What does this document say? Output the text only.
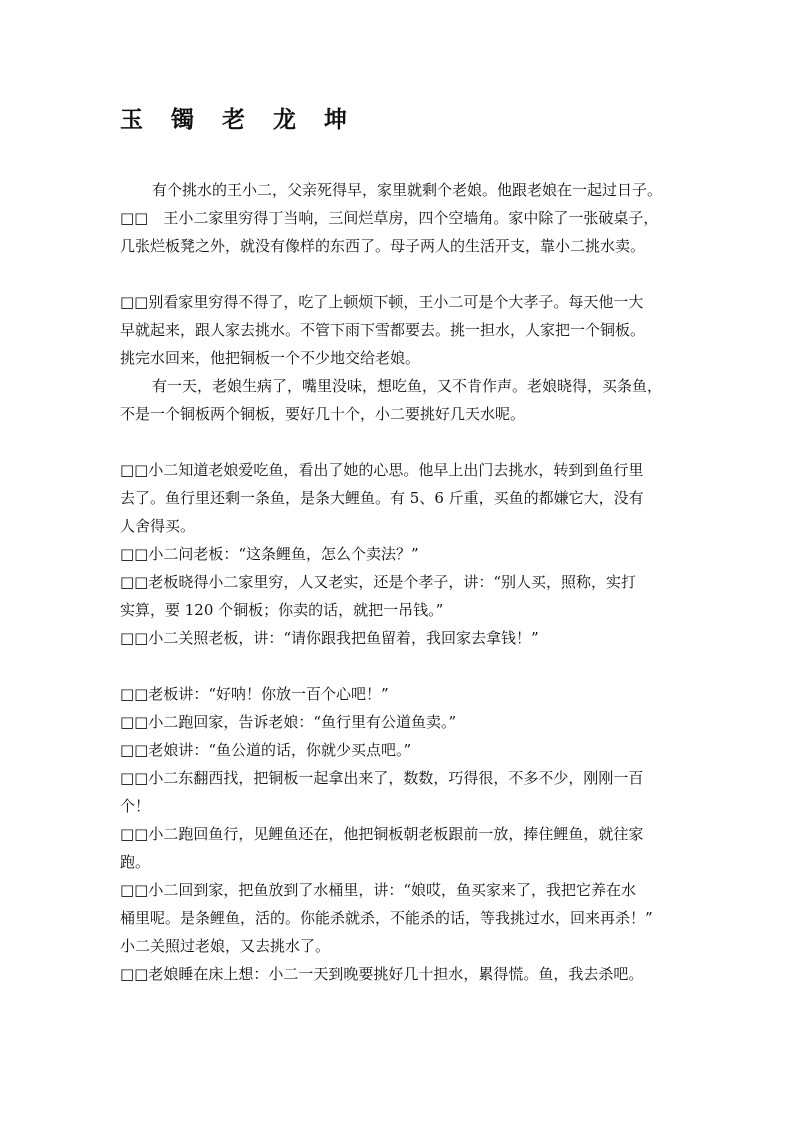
玉 镯 老 龙 坤
有个挑水的王小二，父亲死得早，家里就剩个老娘。他跟老娘在一起过日子。
□□　王小二家里穷得丁当响，三间烂草房，四个空墙角。家中除了一张破桌子，
几张烂板凳之外，就没有像样的东西了。母子两人的生活开支，靠小二挑水卖。
□□别看家里穷得不得了，吃了上顿烦下顿，王小二可是个大孝子。每天他一大
早就起来，跟人家去挑水。不管下雨下雪都要去。挑一担水，人家把一个铜板。
挑完水回来，他把铜板一个不少地交给老娘。
有一天，老娘生病了，嘴里没味，想吃鱼，又不肯作声。老娘晓得，买条鱼，
不是一个铜板两个铜板，要好几十个，小二要挑好几天水呢。
□□小二知道老娘爱吃鱼，看出了她的心思。他早上出门去挑水，转到到鱼行里
去了。鱼行里还剩一条鱼，是条大鲤鱼。有 5、6 斤重，买鱼的都嫌它大，没有
人舍得买。
□□小二问老板：“这条鲤鱼，怎么个卖法？”
□□老板晓得小二家里穷，人又老实，还是个孝子，讲：“别人买，照称，实打
实算，要 120 个铜板；你卖的话，就把一吊钱。”
□□小二关照老板，讲：“请你跟我把鱼留着，我回家去拿钱！”
□□老板讲：“好呐！你放一百个心吧！”
□□小二跑回家，告诉老娘：“鱼行里有公道鱼卖。”
□□老娘讲：“鱼公道的话，你就少买点吧。”
□□小二东翻西找，把铜板一起拿出来了，数数，巧得很，不多不少，刚刚一百
个！
□□小二跑回鱼行，见鲤鱼还在，他把铜板朝老板跟前一放，捧住鲤鱼，就往家
跑。
□□小二回到家，把鱼放到了水桶里，讲：“娘哎，鱼买家来了，我把它养在水
桶里呢。是条鲤鱼，活的。你能杀就杀，不能杀的话，等我挑过水，回来再杀！”
小二关照过老娘，又去挑水了。
□□老娘睡在床上想：小二一天到晚要挑好几十担水，累得慌。鱼，我去杀吧。
